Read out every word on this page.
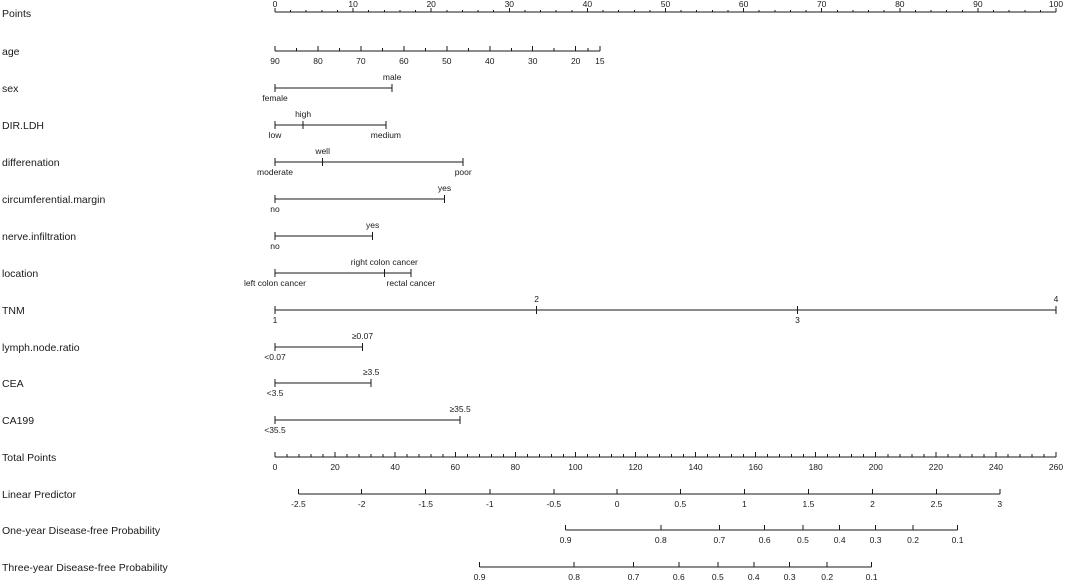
Points
0	10	20	30	40	50	60	70	80	90	100
age
90	80	70	60	50	40	30	20 15
sex
female
male
DIR.LDH
low
high
medium
differenation
moderate
well
poor
circumferential.margin
no
yes
nerve.infiltration
no
yes
location
left colon cancer
right colon cancer
rectal cancer
TNM
1
2
3
4
lymph.node.ratio
<0.07
≥0.07
CEA
<3.5
≥3.5
CA199
<35.5
≥35.5
Total Points
0	20	40	60	80	100	120	140	160	180	200	220	240	260
Linear Predictor
-2.5	-2	-1.5	-1	-0.5	0	0.5	1	1.5	2	2.5	3
One-year Disease-free Probability
0.9	0.8	0.7	0.6	0.5	0.4	0.3	0.2	0.1
Three-year Disease-free Probability
0.9	0.8	0.7	0.6	0.5	0.4	0.3	0.2	0.1
